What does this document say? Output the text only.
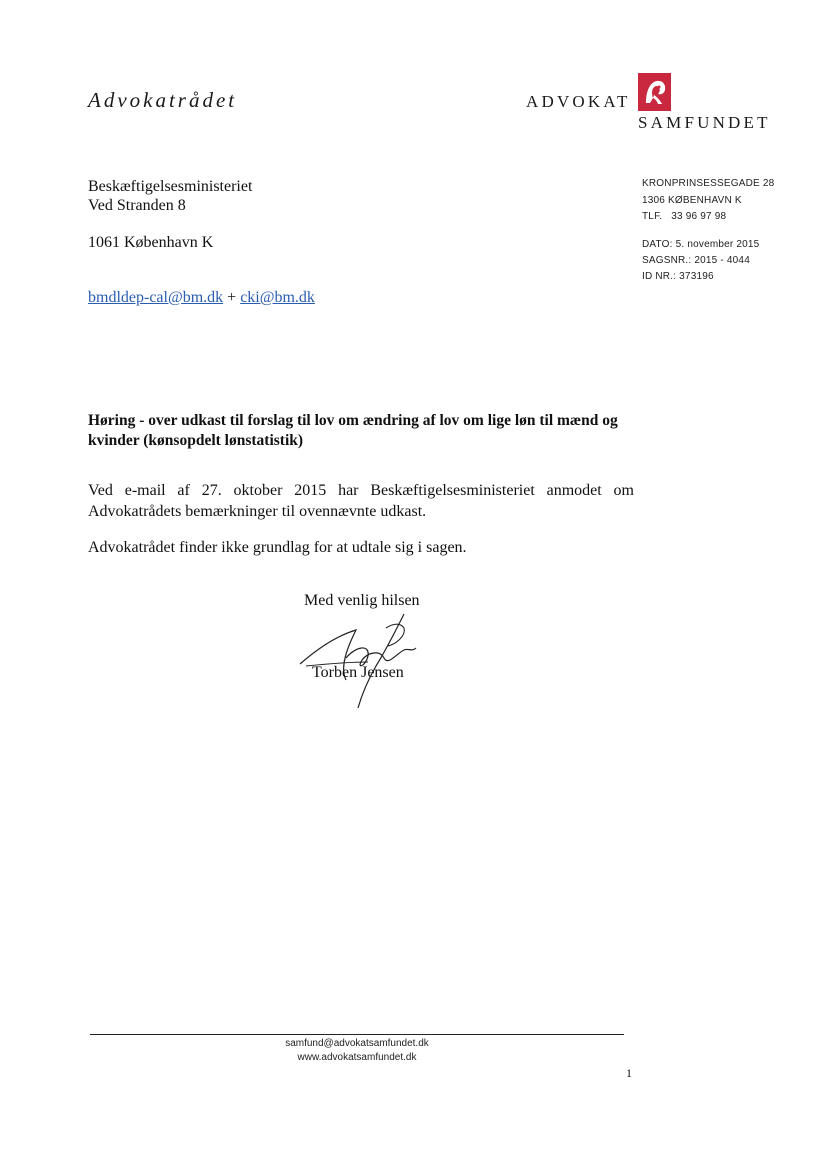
Advokatrådet	ADVOKAT
SAMFUNDET
Beskæftigelsesministeriet
Ved Stranden 8
1061 København K
bmdldep-cal@bm.dk + cki@bm.dk
KRONPRINSESSEGADE 28
1306 KØBENHAVN K
TLF. 33 96 97 98
DATO: 5. november 2015
SAGSNR.: 2015 - 4044
ID NR.: 373196
Høring - over udkast til forslag til lov om ændring af lov om lige løn til mænd og
kvinder (kønsopdelt lønstatistik)
Ved e-mail af 27. oktober 2015 har Beskæftigelsesministeriet anmodet om Advokatrådets bemærkninger til ovennævnte udkast.
Advokatrådet finder ikke grundlag for at udtale sig i sagen.
Med venlig hilsen
Torben Jensen
samfund@advokatsamfundet.dk
www.advokatsamfundet.dk
1
